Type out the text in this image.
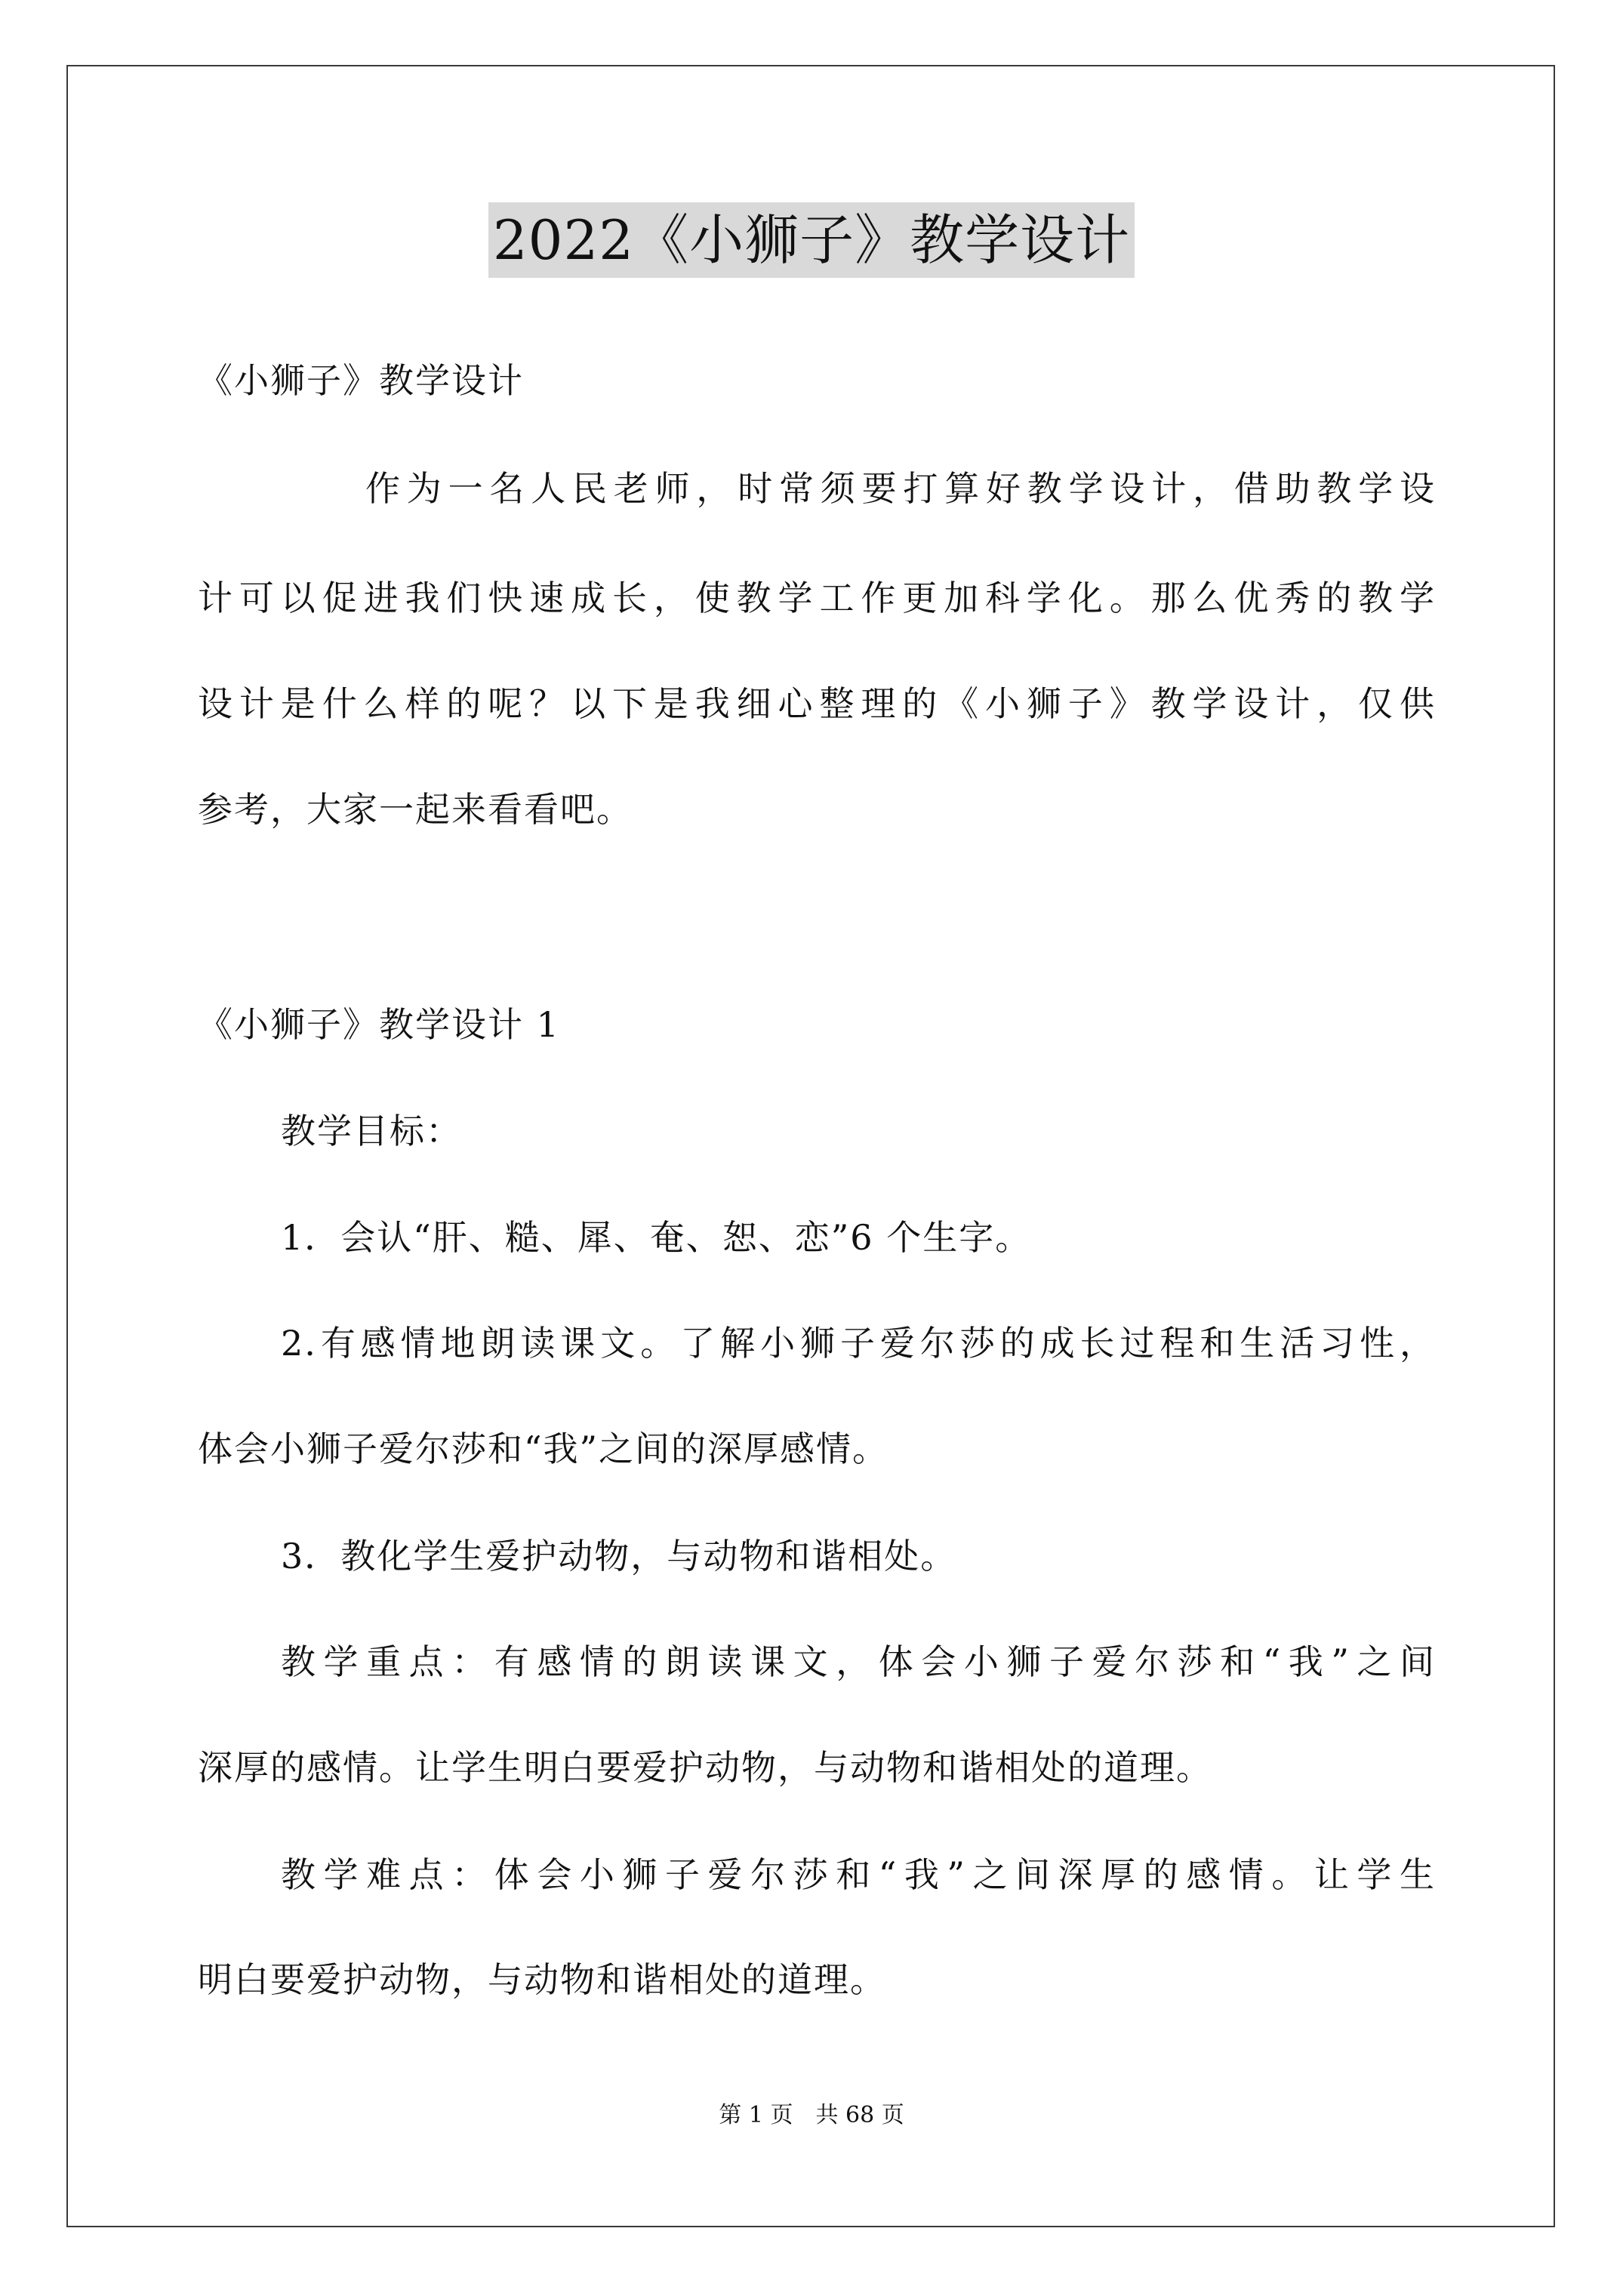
2022《小狮子》教学设计
《小狮子》教学设计
作为一名人民老师，时常须要打算好教学设计，借助教学设
计可以促进我们快速成长，使教学工作更加科学化。那么优秀的教学
设计是什么样的呢？以下是我细心整理的《小狮子》教学设计，仅供
参考，大家一起来看看吧。
《小狮子》教学设计 1
教学目标：
1．会认“肝、糙、犀、奄、恕、恋”6 个生字。
2.有感情地朗读课文。了解小狮子爱尔莎的成长过程和生活习性，
体会小狮子爱尔莎和“我”之间的深厚感情。
3．教化学生爱护动物，与动物和谐相处。
教学重点：有感情的朗读课文，体会小狮子爱尔莎和“我”之间
深厚的感情。让学生明白要爱护动物，与动物和谐相处的道理。
教学难点：体会小狮子爱尔莎和“我”之间深厚的感情。让学生
明白要爱护动物，与动物和谐相处的道理。
第 1 页　共 68 页
